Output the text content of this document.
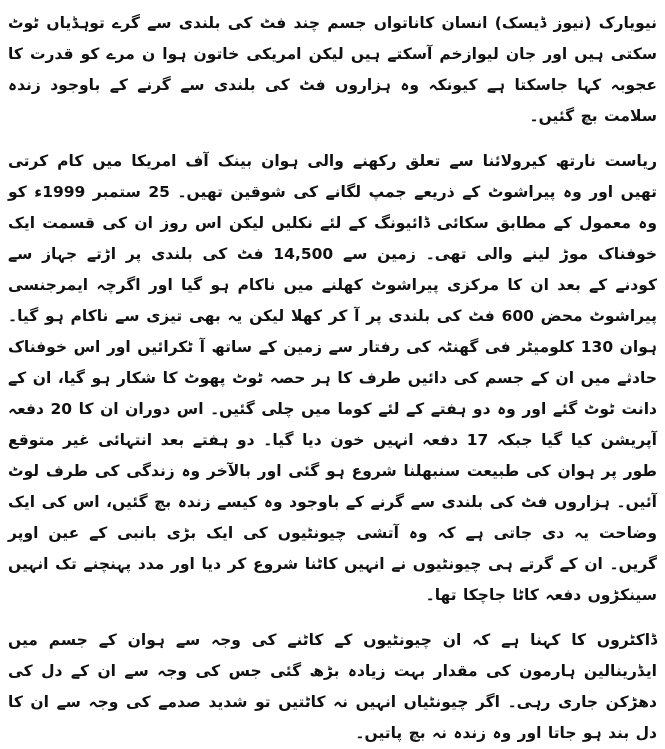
نیویارک (نیوز ڈیسک) انسان کاناتواں جسم چند فٹ کی بلندی سے گرے توہڈیاں ٹوٹ سکتی ہیں اور جان لیوازخم آسکتے ہیں لیکن امریکی خاتون ہوا ن مرے کو قدرت کا عجوبہ کہا جاسکتا ہے کیونکہ وہ ہزاروں فٹ کی بلندی سے گرنے کے باوجود زندہ سلامت بچ گئیں۔

ریاست نارتھ کیرولائنا سے تعلق رکھنے والی ہوان بینک آف امریکا میں کام کرتی تھیں اور وہ پیراشوٹ کے ذریعے جمپ لگانے کی شوقین تھیں۔ 25 ستمبر 1999ء کو وہ معمول کے مطابق سکائی ڈائیونگ کے لئے نکلیں لیکن اس روز ان کی قسمت ایک خوفناک موڑ لینے والی تھی۔ زمین سے 14,500 فٹ کی بلندی پر اڑتے جہاز سے کودنے کے بعد ان کا مرکزی پیراشوٹ کھلنے میں ناکام ہو گیا اور اگرچہ ایمرجنسی پیراشوٹ محض 600 فٹ کی بلندی پر آ کر کھلا لیکن یہ بھی تیزی سے ناکام ہو گیا۔ ہوان 130 کلومیٹر فی گھنٹہ کی رفتار سے زمین کے ساتھ آ ٹکرائیں اور اس خوفناک حادثے میں ان کے جسم کی دائیں طرف کا ہر حصہ ٹوٹ پھوٹ کا شکار ہو گیا، ان کے دانت ٹوٹ گئے اور وہ دو ہفتے کے لئے کوما میں چلی گئیں۔ اس دوران ان کا 20 دفعہ آپریشن کیا گیا جبکہ 17 دفعہ انہیں خون دیا گیا۔ دو ہفتے بعد انتہائی غیر متوقع طور پر ہوان کی طبیعت سنبھلنا شروع ہو گئی اور بالآخر وہ زندگی کی طرف لوٹ آئیں۔ ہزاروں فٹ کی بلندی سے گرنے کے باوجود وہ کیسے زندہ بچ گئیں، اس کی ایک وضاحت یہ دی جاتی ہے کہ وہ آتشی چیونٹیوں کی ایک بڑی بانبی کے عین اوپر گریں۔ ان کے گرتے ہی چیونٹیوں نے انہیں کاٹنا شروع کر دیا اور مدد پہنچنے تک انہیں سینکڑوں دفعہ کاٹا جاچکا تھا۔

ڈاکٹروں کا کہنا ہے کہ ان چیونٹیوں کے کاٹنے کی وجہ سے ہوان کے جسم میں ایڈرینالین ہارمون کی مقدار بہت زیادہ بڑھ گئی جس کی وجہ سے ان کے دل کی دھڑکن جاری رہی۔ اگر چیونٹیاں انہیں نہ کاٹتیں تو شدید صدمے کی وجہ سے ان کا دل بند ہو جاتا اور وہ زندہ نہ بچ پاتیں۔
